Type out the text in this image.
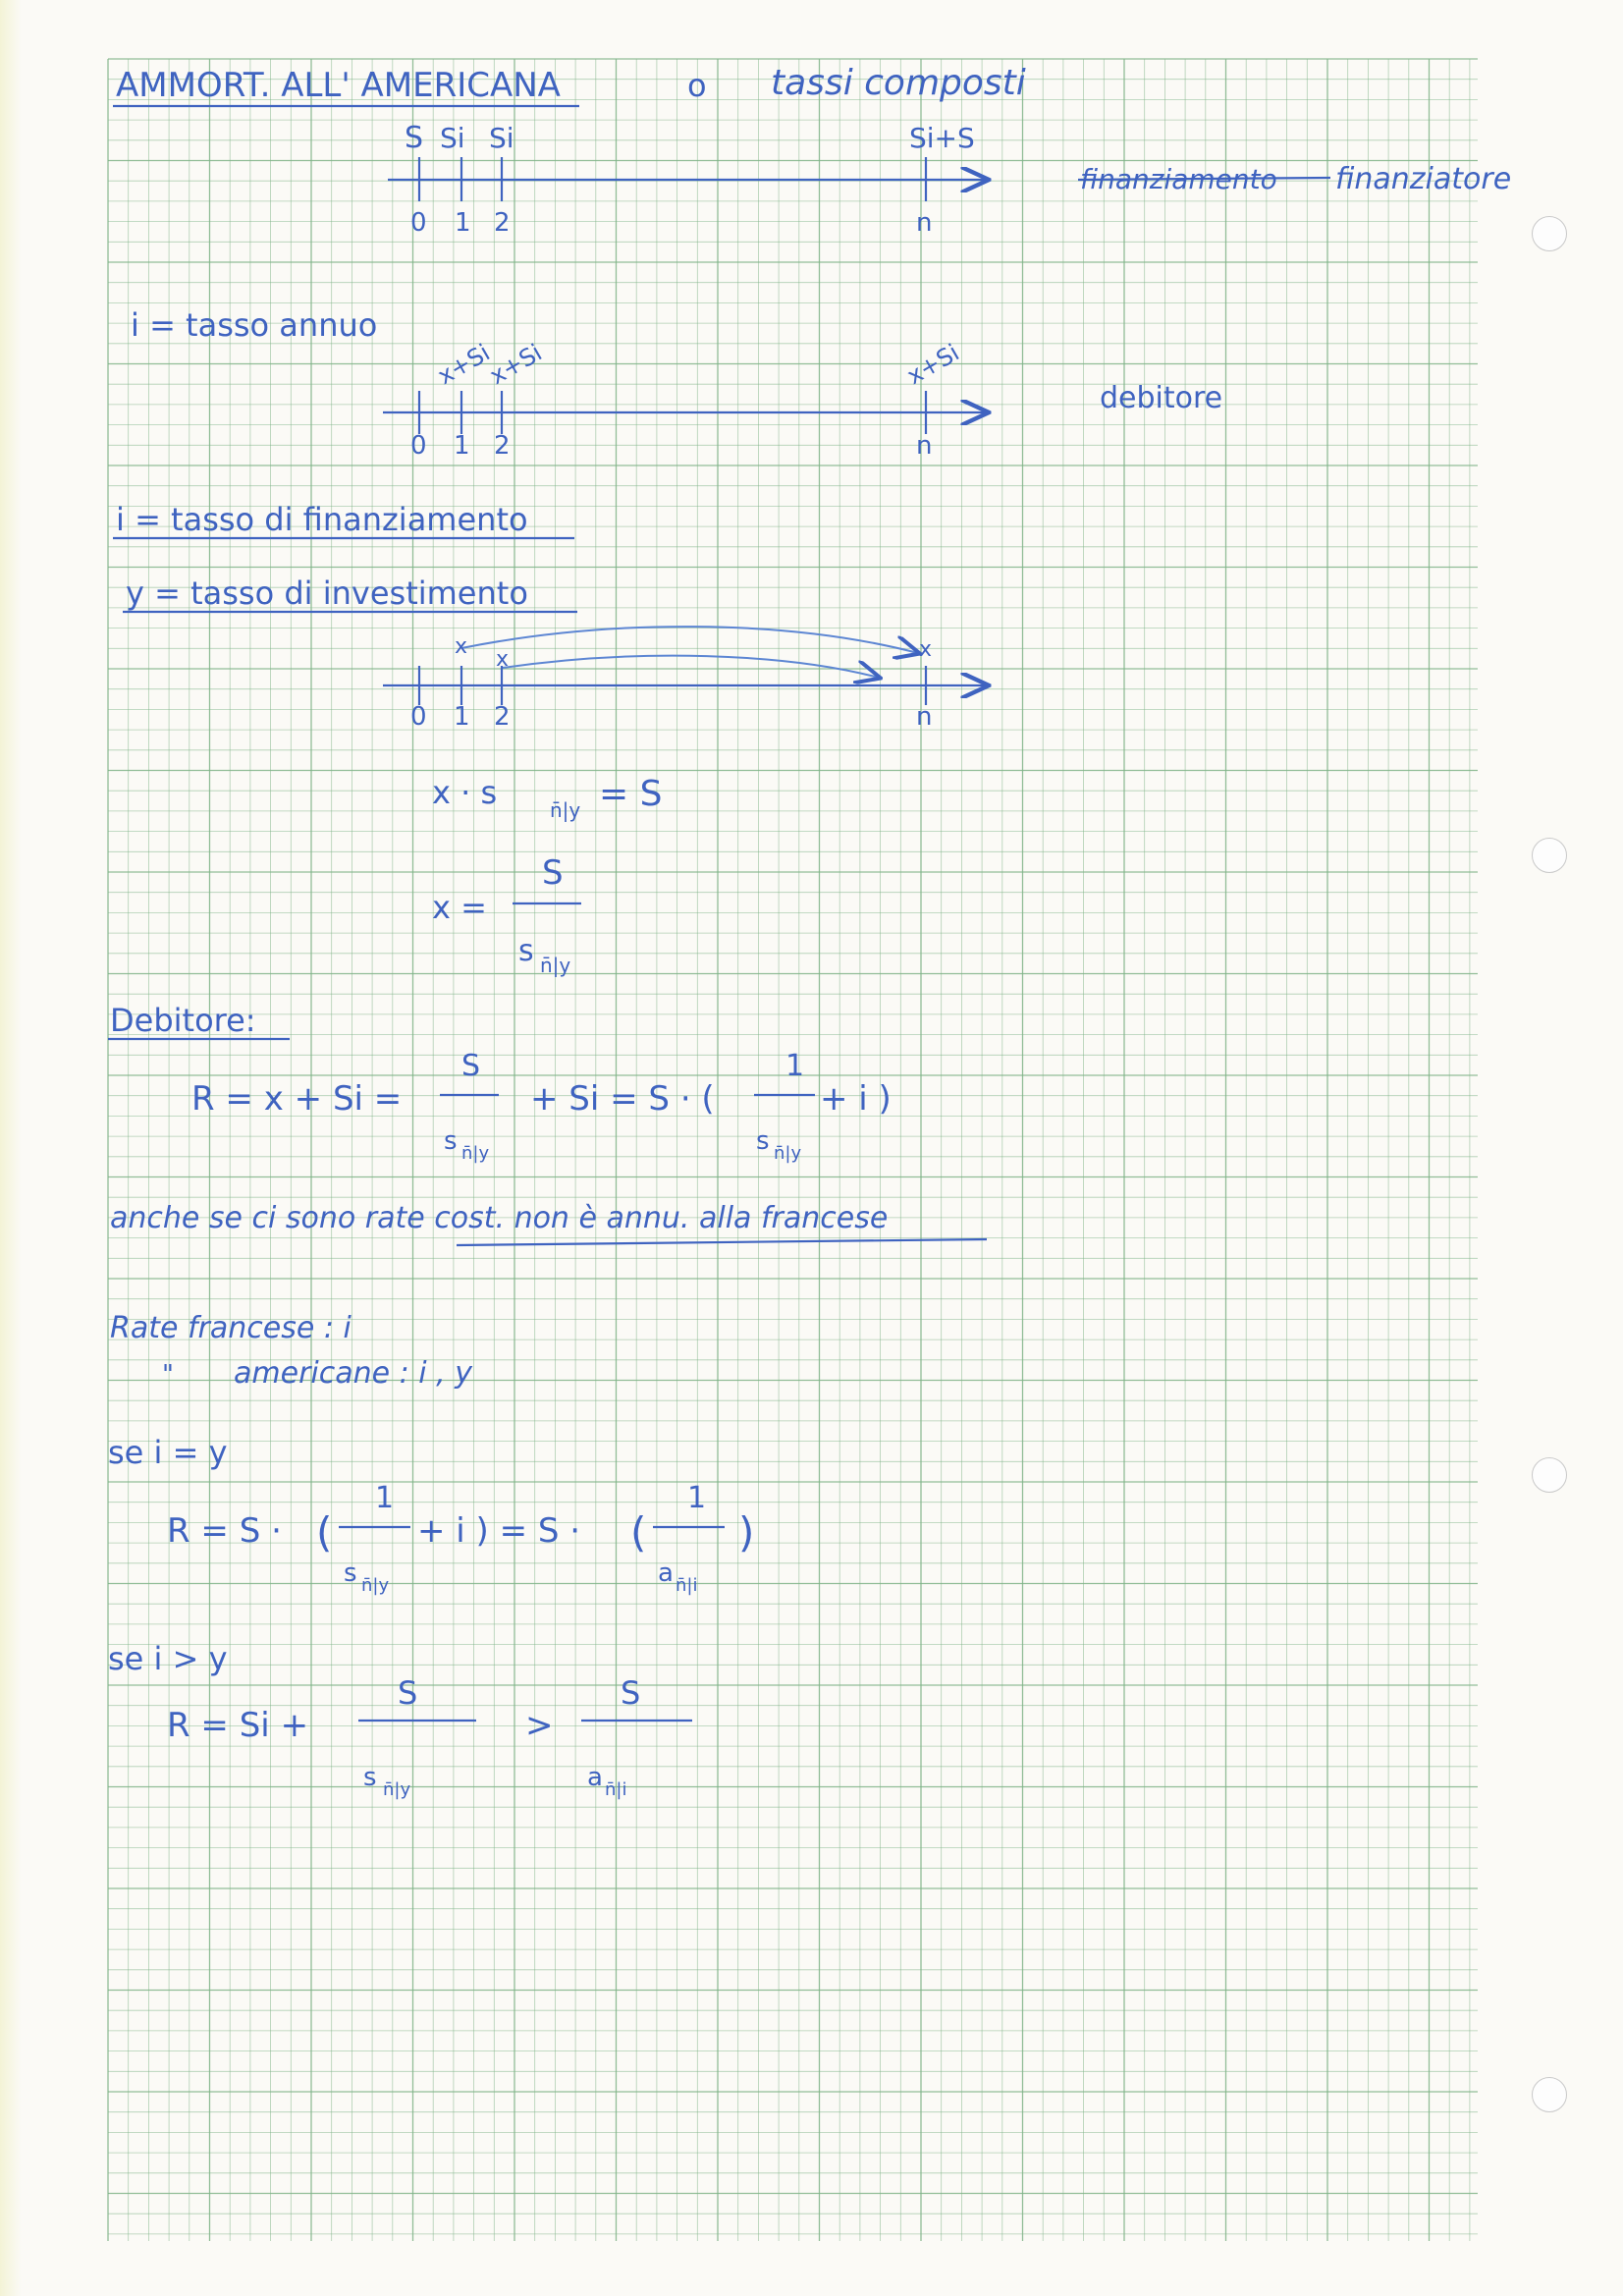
AMMORT. ALL' AMERICANA	o tassi composti
S Si Si	Si+S
0 1 2	n
finanziamento finanziatore
i = tasso annuo
x+Si
x+Si	x+Si
0 1 2	n
debitore
i = tasso di finanziamento
y = tasso di investimento
x
x	x
0 1 2	n
x · s	n̄|y = S
x =
S
s n̄|y
Debitore:
R = x + Si =
S
s n̄|y
+ Si = S · (
1
s n̄|y
+ i )
anche se ci sono rate cost. non è annu. alla francese
Rate francese : i
" americane : i , y
se i = y
R = S · (
1
s n̄|y
+ i ) = S · (
1
a n̄|i
)
se i > y
R = Si +
S
s n̄|y
>
S
a n̄|i
